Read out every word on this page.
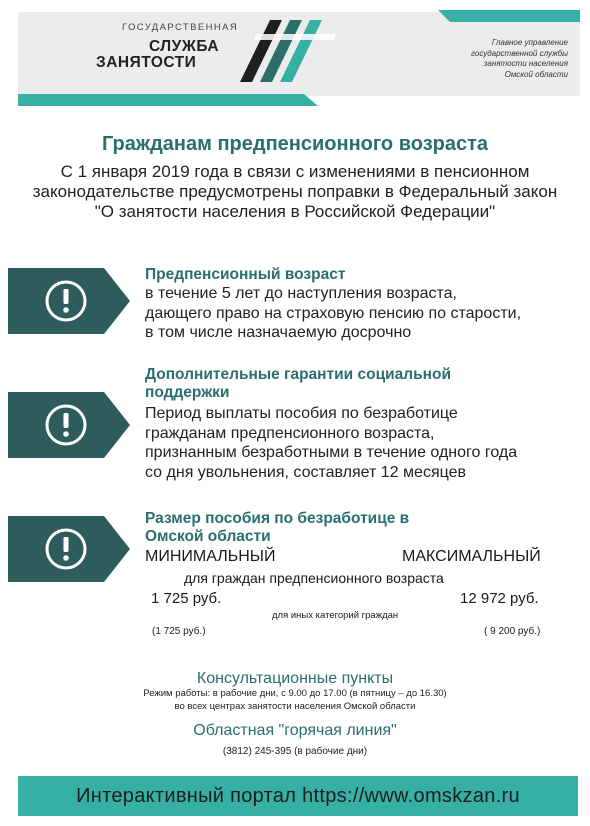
ГОСУДАРСТВЕННАЯ
СЛУЖБА
ЗАНЯТОСТИ
Главное управление
государственной службы
занятости населения
Омской области
Гражданам предпенсионного возраста
С 1 января 2019 года в связи с изменениями в пенсионном
законодательстве предусмотрены поправки в Федеральный закон
"О занятости населения в Российской Федерации"
Предпенсионный возраст
в течение 5 лет до наступления возраста,
дающего право на страховую пенсию по старости,
в том числе назначаемую досрочно
Дополнительные гарантии социальной
поддержки
Период выплаты пособия по безработице
гражданам предпенсионного возраста,
признанным безработными в течение одного года
со дня увольнения, составляет 12 месяцев
Размер пособия по безработице в
Омской области
МИНИМАЛЬНЫЙ	МАКСИМАЛЬНЫЙ
для граждан предпенсионного возраста
1 725 руб.	12 972 руб.
для иных категорий граждан
(1 725 руб.)	( 9 200 руб.)
Консультационные пункты
Режим работы: в рабочие дни, с 9.00 до 17.00 (в пятницу – до 16.30)
во всех центрах занятости населения Омской области
Областная "горячая линия"
(3812) 245-395 (в рабочие дни)
Интерактивный портал https://www.omskzan.ru
